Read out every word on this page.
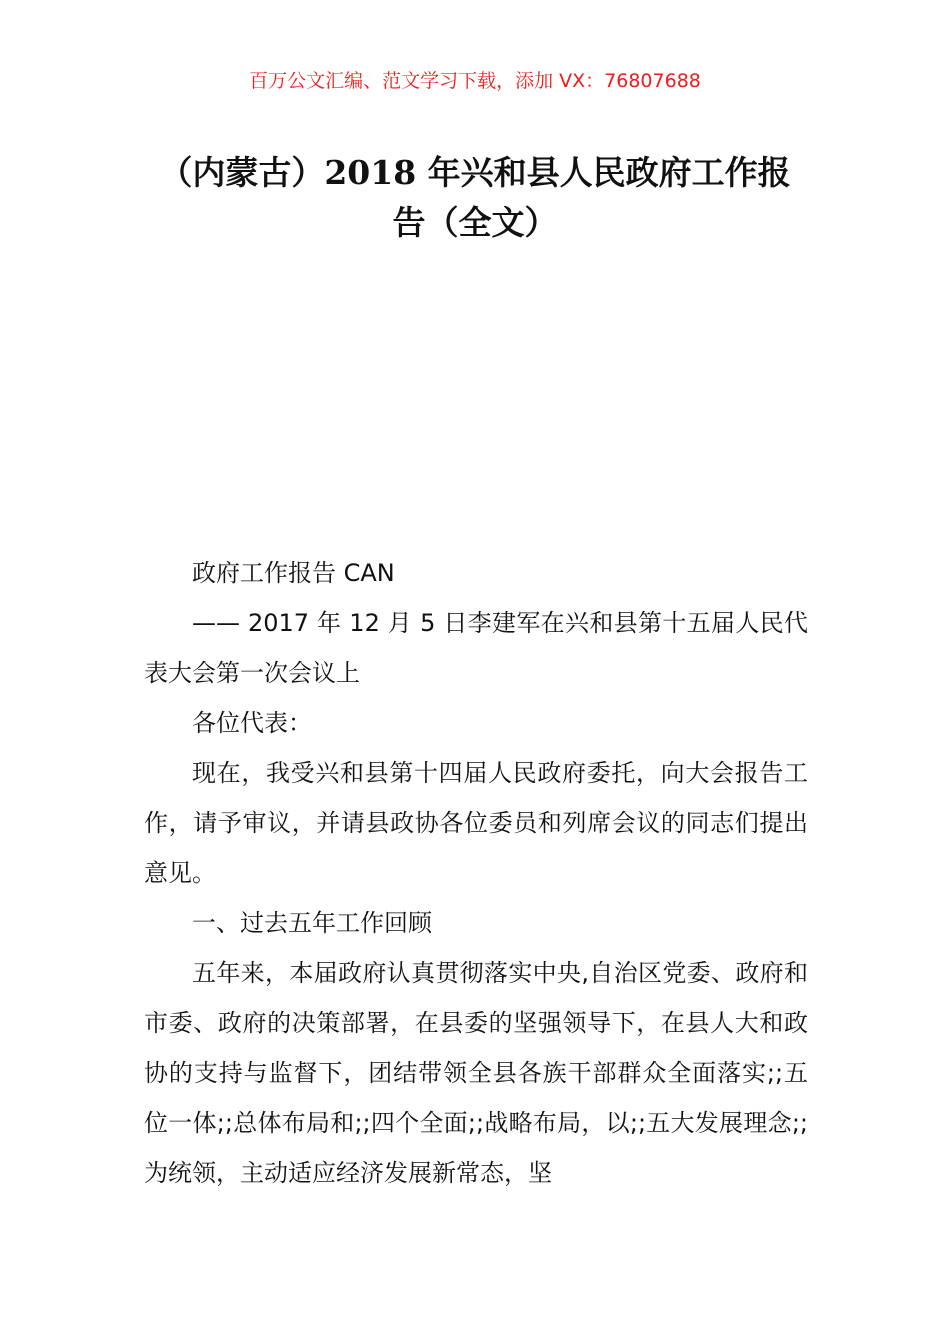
百万公文汇编、范文学习下载，添加 VX：76807688
（内蒙古）2018 年兴和县人民政府工作报
告（全文）

政府工作报告 CAN

—— 2017 年 12 月 5 日李建军在兴和县第十五届人民代表大会第一次会议上

各位代表：

现在，我受兴和县第十四届人民政府委托，向大会报告工作，请予审议，并请县政协各位委员和列席会议的同志们提出意见。

一、过去五年工作回顾

五年来，本届政府认真贯彻落实中央,自治区党委、政府和市委、政府的决策部署，在县委的坚强领导下，在县人大和政协的支持与监督下，团结带领全县各族干部群众全面落实;;五位一体;;总体布局和;;四个全面;;战略布局，以;;五大发展理念;;为统领，主动适应经济发展新常态，坚
